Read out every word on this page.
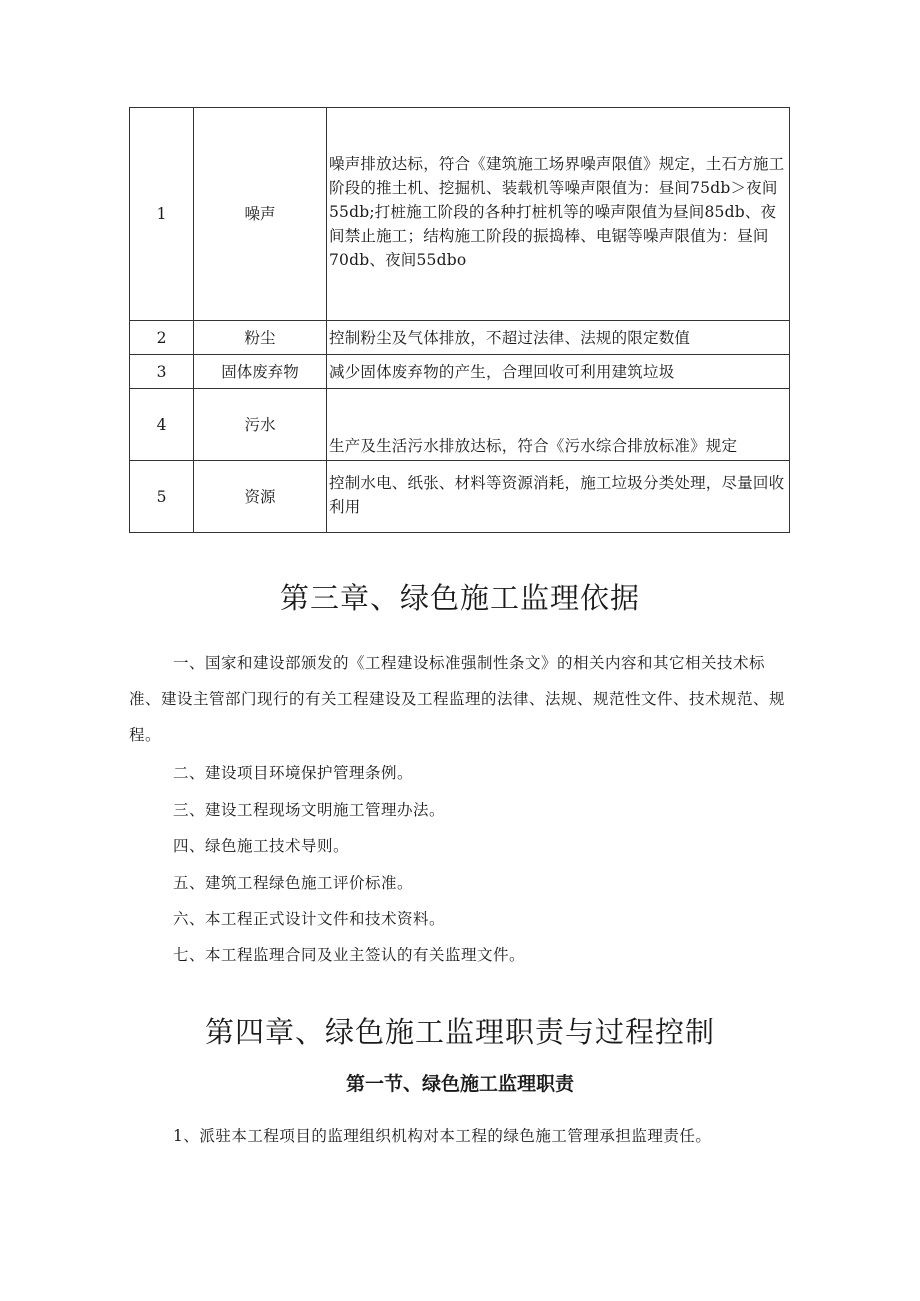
1	噪声	噪声排放达标，符合《建筑施工场界噪声限值》规定，土石方施工阶段的推土机、挖掘机、装载机等噪声限值为：昼间75db＞夜间55db;打桩施工阶段的各种打桩机等的噪声限值为昼间85db、夜间禁止施工；结构施工阶段的振捣棒、电锯等噪声限值为：昼间70db、夜间55dbo
2	粉尘	控制粉尘及气体排放，不超过法律、法规的限定数值
3	固体废弃物	减少固体废弃物的产生，合理回收可利用建筑垃圾
4	污水	生产及生活污水排放达标，符合《污水综合排放标准》规定
5	资源	控制水电、纸张、材料等资源消耗，施工垃圾分类处理，尽量回收利用
第三章、绿色施工监理依据

一、国家和建设部颁发的《工程建设标准强制性条文》的相关内容和其它相关技术标准、建设主管部门现行的有关工程建设及工程监理的法律、法规、规范性文件、技术规范、规程。

二、建设项目环境保护管理条例。

三、建设工程现场文明施工管理办法。

四、绿色施工技术导则。

五、建筑工程绿色施工评价标准。

六、本工程正式设计文件和技术资料。

七、本工程监理合同及业主签认的有关监理文件。

第四章、绿色施工监理职责与过程控制
第一节、绿色施工监理职责

1、派驻本工程项目的监理组织机构对本工程的绿色施工管理承担监理责任。
